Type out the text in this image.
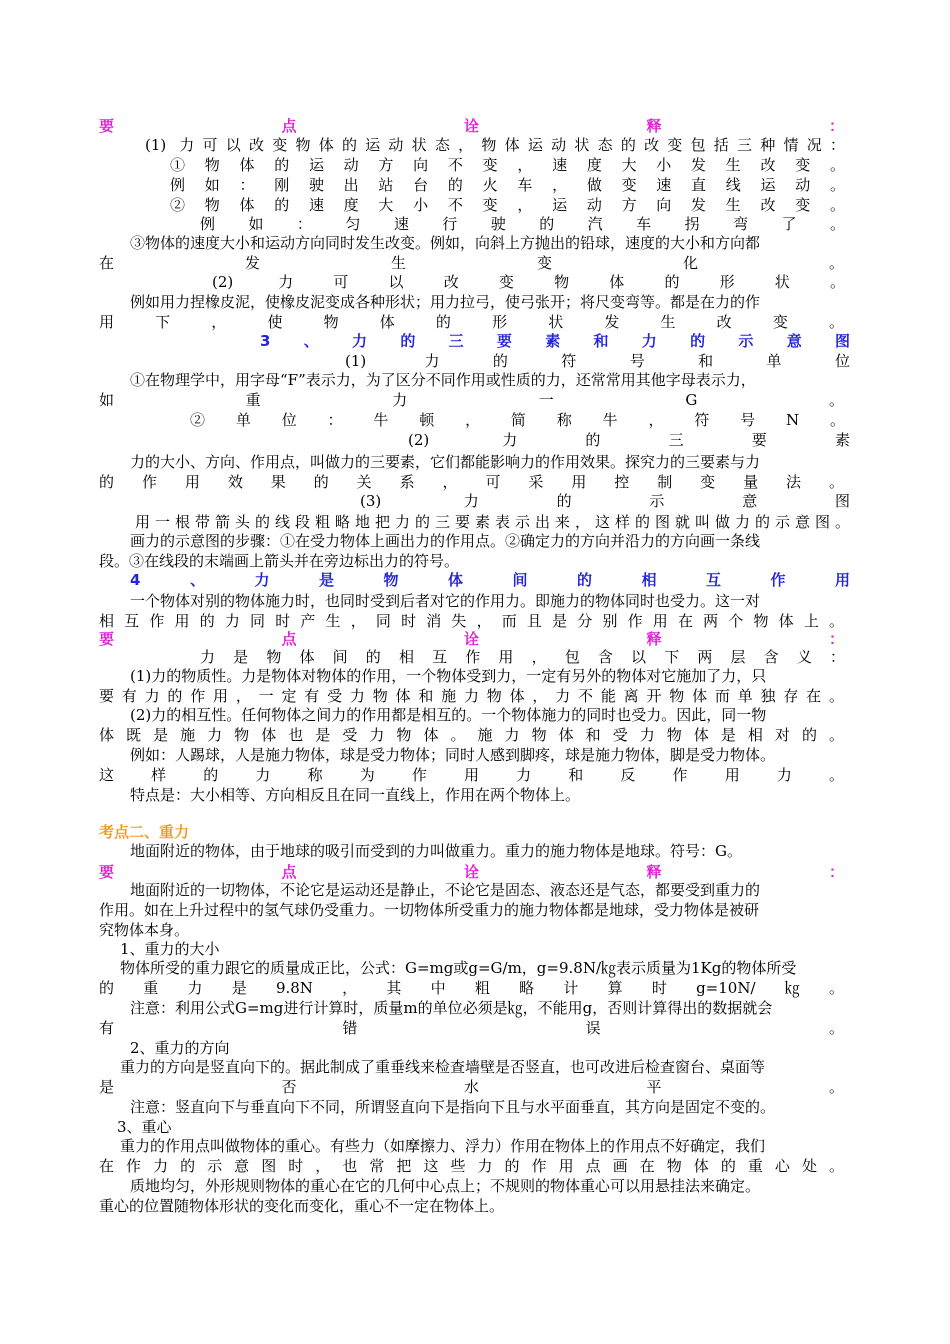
要点诠释：
(1) 力可以改变物体的运动状态，物体运动状态的改变包括三种情况：
①物体的运动方向不变，速度大小发生改变。
例如：刚驶出站台的火车，做变速直线运动。
②物体的速度大小不变，运动方向发生改变。
例如：匀速行驶的汽车拐弯了。
③物体的速度大小和运动方向同时发生改变。例如，向斜上方抛出的铅球，速度的大小和方向都
在发生变化。
(2) 力可以改变物体的形状。
例如用力捏橡皮泥，使橡皮泥变成各种形状；用力拉弓，使弓张开；将尺变弯等。都是在力的作
用下，使物体的形状发生改变。
3、力的三要素和力的示意图
(1) 力的符号和单位
①在物理学中，用字母“F”表示力，为了区分不同作用或性质的力，还常常用其他字母表示力，
如重力一G。
②单位：牛顿，简称牛，符号N。
(2) 力的三要素
力的大小、方向、作用点，叫做力的三要素，它们都能影响力的作用效果。探究力的三要素与力
的作用效果的关系，可采用控制变量法。
(3) 力的示意图
用一根带箭头的线段粗略地把力的三要素表示出来，这样的图就叫做力的示意图。
画力的示意图的步骤：①在受力物体上画出力的作用点。②确定力的方向并沿力的方向画一条线
段。③在线段的末端画上箭头并在旁边标出力的符号。
4、力是物体间的相互作用
一个物体对别的物体施力时，也同时受到后者对它的作用力。即施力的物体同时也受力。这一对
相互作用的力同时产生，同时消失，而且是分别作用在两个物体上。
要点诠释：
力是物体间的相互作用，包含以下两层含义：
(1)力的物质性。力是物体对物体的作用，一个物体受到力，一定有另外的物体对它施加了力，只
要有力的作用，一定有受力物体和施力物体，力不能离开物体而单独存在。
(2)力的相互性。任何物体之间力的作用都是相互的。一个物体施力的同时也受力。因此，同一物
体既是施力物体也是受力物体。施力物体和受力物体是相对的。
例如：人踢球，人是施力物体，球是受力物体；同时人感到脚疼，球是施力物体，脚是受力物体。
这样的力称为作用力和反作用力。
特点是：大小相等、方向相反且在同一直线上，作用在两个物体上。
考点二、重力
地面附近的物体，由于地球的吸引而受到的力叫做重力。重力的施力物体是地球。符号：G。
要点诠释：
地面附近的一切物体，不论它是运动还是静止，不论它是固态、液态还是气态，都要受到重力的
作用。如在上升过程中的氢气球仍受重力。一切物体所受重力的施力物体都是地球，受力物体是被研
究物体本身。
1、重力的大小
物体所受的重力跟它的质量成正比，公式：G=mg或g=G/m，g=9.8N/㎏表示质量为1Kg的物体所受
的重力是9.8N，其中粗略计算时g=10N/㎏。
注意：利用公式G=mg进行计算时，质量m的单位必须是㎏，不能用g，否则计算得出的数据就会
有错误。
2、重力的方向
重力的方向是竖直向下的。据此制成了重垂线来检查墙壁是否竖直，也可改进后检查窗台、桌面等
是否水平。
注意：竖直向下与垂直向下不同，所谓竖直向下是指向下且与水平面垂直，其方向是固定不变的。
3、重心
重力的作用点叫做物体的重心。有些力（如摩擦力、浮力）作用在物体上的作用点不好确定，我们
在作力的示意图时，也常把这些力的作用点画在物体的重心处。
质地均匀，外形规则物体的重心在它的几何中心点上；不规则的物体重心可以用悬挂法来确定。
重心的位置随物体形状的变化而变化，重心不一定在物体上。
